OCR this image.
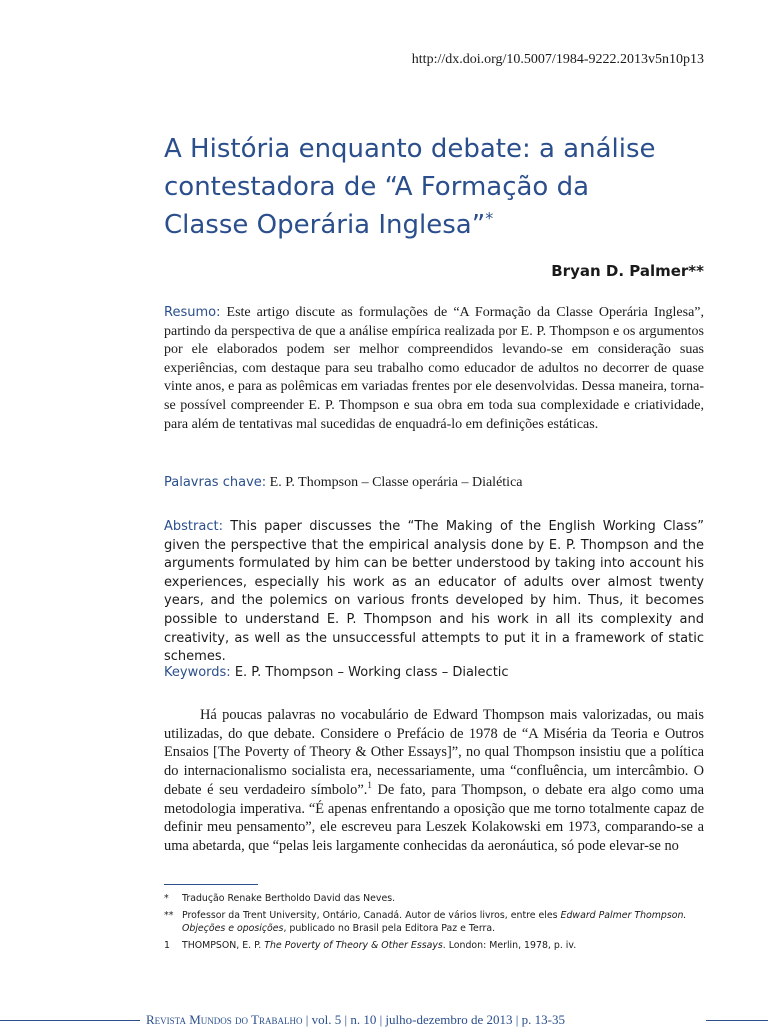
http://dx.doi.org/10.5007/1984-9222.2013v5n10p13
A História enquanto debate: a análise
contestadora de “A Formação da
Classe Operária Inglesa”*
Bryan D. Palmer**

Resumo: Este artigo discute as formulações de “A Formação da Classe Operária Inglesa”, partindo da perspectiva de que a análise empírica realizada por E. P. Thompson e os argumentos por ele elaborados podem ser melhor compreendidos levando-se em consideração suas experiências, com destaque para seu trabalho como educador de adultos no decorrer de quase vinte anos, e para as polêmicas em variadas frentes por ele desenvolvidas. Dessa maneira, torna-se possível compreender E. P. Thompson e sua obra em toda sua complexidade e criatividade, para além de tentativas mal sucedidas de enquadrá-lo em definições estáticas.

Palavras chave: E. P. Thompson – Classe operária – Dialética

Abstract: This paper discusses the “The Making of the English Working Class” given the perspective that the empirical analysis done by E. P. Thompson and the arguments formulated by him can be better understood by taking into account his experiences, especially his work as an educator of adults over almost twenty years, and the polemics on various fronts developed by him. Thus, it becomes possible to understand E. P. Thompson and his work in all its complexity and creativity, as well as the unsuccessful attempts to put it in a framework of static schemes.

Keywords: E. P. Thompson – Working class – Dialectic

Há poucas palavras no vocabulário de Edward Thompson mais valorizadas, ou mais utilizadas, do que debate. Considere o Prefácio de 1978 de “A Miséria da Teoria e Outros Ensaios [The Poverty of Theory & Other Essays]”, no qual Thompson insistiu que a política do internacionalismo socialista era, necessariamente, uma “confluência, um intercâmbio. O debate é seu verdadeiro símbolo”.$^1$ De fato, para Thompson, o debate era algo como uma metodologia imperativa. “É apenas enfrentando a oposição que me torno totalmente capaz de definir meu pensamento”, ele escreveu para Leszek Kolakowski em 1973, comparando-se a uma abetarda, que “pelas leis largamente conhecidas da aeronáutica, só pode elevar-se no

*	Tradução Renake Bertholdo David das Neves.
** Professor da Trent University, Ontário, Canadá. Autor de vários livros, entre eles Edward Palmer Thompson. Objeções e oposições, publicado no Brasil pela Editora Paz e Terra.
1	THOMPSON, E. P. The Poverty of Theory & Other Essays. London: Merlin, 1978, p. iv.
Revista Mundos do Trabalho | vol. 5 | n. 10 | julho-dezembro de 2013 | p. 13-35
